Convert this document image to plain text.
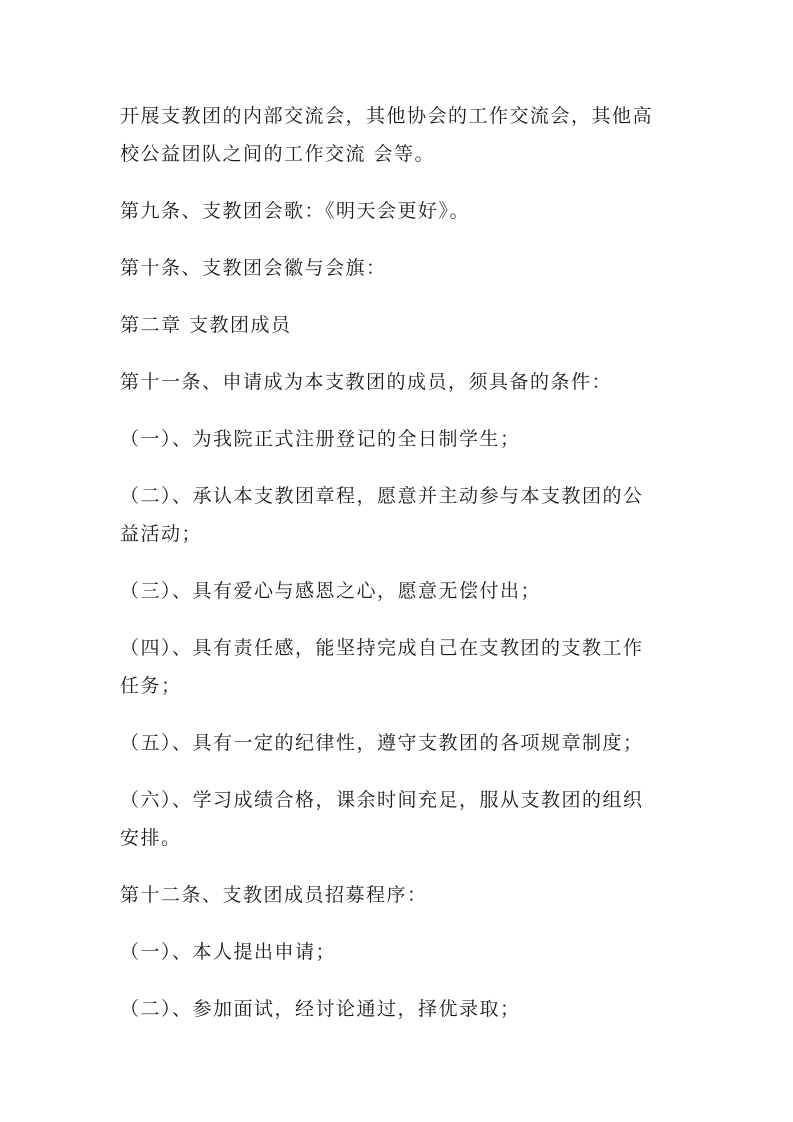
开展支教团的内部交流会，其他协会的工作交流会，其他高
校公益团队之间的工作交流 会等。

第九条、支教团会歌：《明天会更好》。

第十条、支教团会徽与会旗：

第二章 支教团成员

第十一条、申请成为本支教团的成员，须具备的条件：

（一）、为我院正式注册登记的全日制学生；

（二）、承认本支教团章程，愿意并主动参与本支教团的公
益活动；

（三）、具有爱心与感恩之心，愿意无偿付出；

（四）、具有责任感，能坚持完成自己在支教团的支教工作
任务；

（五）、具有一定的纪律性，遵守支教团的各项规章制度；

（六）、学习成绩合格，课余时间充足，服从支教团的组织
安排。

第十二条、支教团成员招募程序：

（一）、本人提出申请；

（二）、参加面试，经讨论通过，择优录取；
